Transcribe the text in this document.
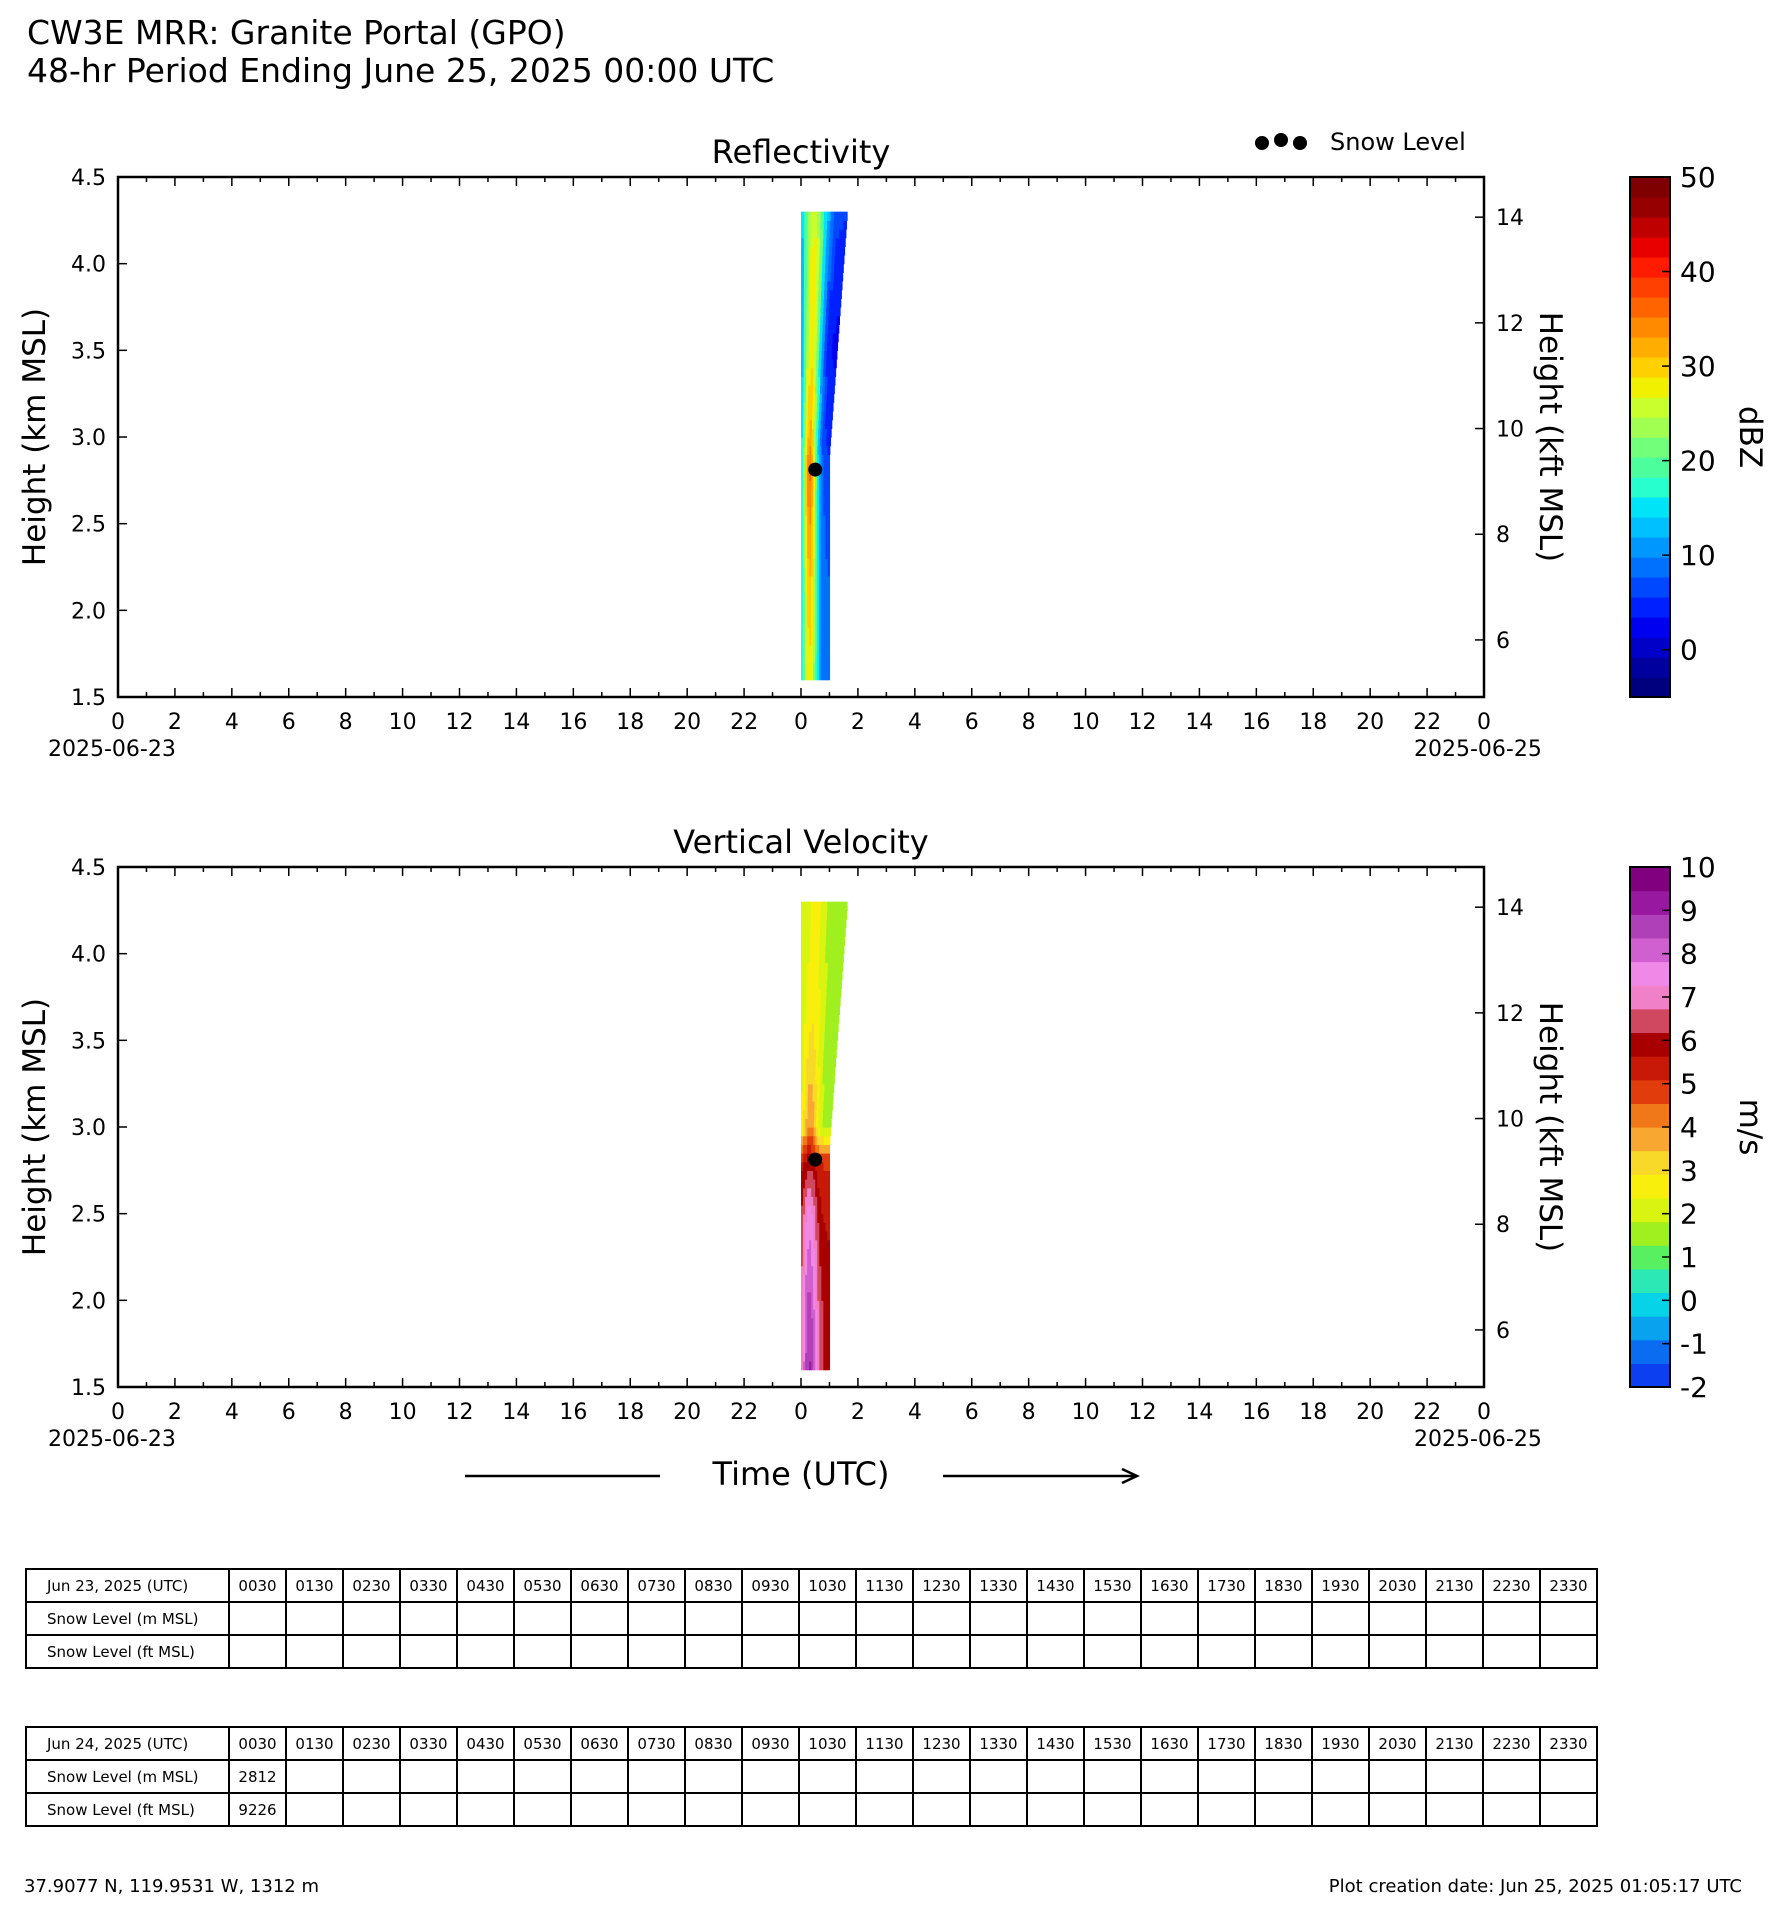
CW3E MRR: Granite Portal (GPO)
48-hr Period Ending June 25, 2025 00:00 UTC
Reflectivity
0 2 4 6 8 10 12 14 16 18 20 22 0 2 4 6 8 10 12 14 16 18 20 22 0
2025-06-23	2025-06-25
1.5
2.0
2.5
3.0
3.5
4.0
4.5
Height (km MSL)
6
8
10
12
14
Height (kft MSL)
50
40
30
20
10
0
dBZ
Vertical Velocity
0 2 4 6 8 10 12 14 16 18 20 22 0 2 4 6 8 10 12 14 16 18 20 22 0
2025-06-23	2025-06-25
1.5
2.0
2.5
3.0
3.5
4.0
4.5
Height (km MSL)
6
8
10
12
14
Height (kft MSL)
10
9
8
7
6
5
4
3
2
1
0
-1
-2
m/s
Snow Level
Time (UTC)
Jun 23, 2025 (UTC)	0030	0130	0230	0330	0430	0530	0630	0730	0830	0930	1030	1130	1230	1330	1430	1530	1630	1730	1830	1930	2030	2130	2230	2330
Snow Level (m MSL)																								
Snow Level (ft MSL)																								
Jun 24, 2025 (UTC)	0030	0130	0230	0330	0430	0530	0630	0730	0830	0930	1030	1130	1230	1330	1430	1530	1630	1730	1830	1930	2030	2130	2230	2330
Snow Level (m MSL)	2812																							
Snow Level (ft MSL)	9226																							
37.9077 N, 119.9531 W, 1312 m	Plot creation date: Jun 25, 2025 01:05:17 UTC
